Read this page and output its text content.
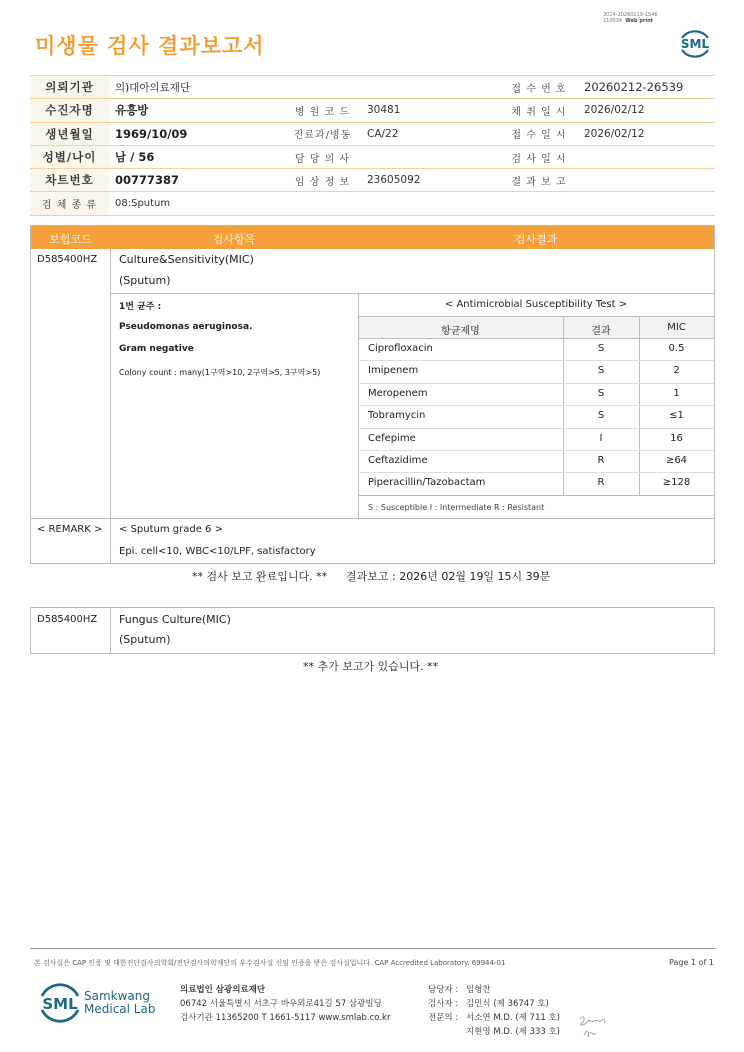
미생물 검사 결과보고서
3014-20260219-1546
210034 Web print
SML
의뢰기관	의)대아의료재단			접 수 번 호	20260212-26539
수진자명	유흥방	병 원 코 드	30481	채 취 일 시	2026/02/12
생년월일	1969/10/09	진료과/병동	CA/22	접 수 일 시	2026/02/12
성별/나이	남 / 56	담 당 의 사		검 사 일 시	
차트번호	00777387	임 상 정 보	23605092	결 과 보 고	
검 체 종 류	08:Sputum				
보험코드	검사항목	검사결과
D585400HZ Culture&Sensitivity(MIC)
(Sputum)
1번 균주 :
Pseudomonas aeruginosa.
Gram negative
Colony count : many(1구역>10, 2구역>5, 3구역>5)
< Antimicrobial Susceptibility Test >
항균제명	결과	MIC
Ciprofloxacin	S	0.5
Imipenem	S	2
Meropenem	S	1
Tobramycin	S	≤1
Cefepime	I	16
Ceftazidime	R	≥64
Piperacillin/Tazobactam	R	≥128
S : Susceptible I : Intermediate R : Resistant
< REMARK > < Sputum grade 6 >
Epi. cell<10, WBC<10/LPF, satisfactory
** 검사 보고 완료입니다. ** 결과보고 : 2026년 02월 19일 15시 39분
D585400HZ Fungus Culture(MIC)
(Sputum)
** 추가 보고가 있습니다. **
본 검사실은 CAP 인증 및 대한진단검사의학회/진단검사의학재단의 우수검사실 신임 인증을 받은 검사실입니다. CAP Accredited Laboratory. 69944-01	Page 1 of 1
SML Samkwang
Medical Lab
의료법인 삼광의료재단
06742 서울특별시 서초구 바우뫼로41길 57 삼광빌딩
검사기관 11365200 T 1661-5117 www.smlab.co.kr
담당자 : 임형찬
검사자 : 김민식 (제 36747 호)
전문의 : 서소연 M.D. (제 711 호)
지현영 M.D. (제 333 호)
